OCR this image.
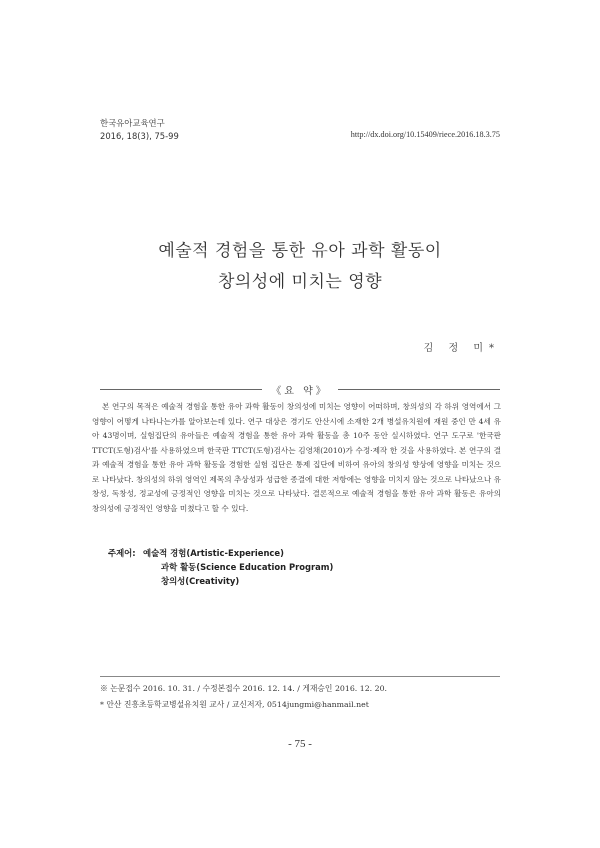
한국유아교육연구
2016, 18(3), 75-99	http://dx.doi.org/10.15409/riece.2016.18.3.75
예술적 경험을 통한 유아 과학 활동이
창의성에 미치는 영향
김 정 미*
《요 약》
본 연구의 목적은 예술적 경험을 통한 유아 과학 활동이 창의성에 미치는 영향이 어떠하며, 창의성의 각 하위 영역에서 그 영향이 어떻게 나타나는가를 알아보는데 있다. 연구 대상은 경기도 안산시에 소재한 2개 병설유치원에 재원 중인 만 4세 유아 43명이며, 실험집단의 유아들은 예술적 경험을 통한 유아 과학 활동을 총 10주 동안 실시하였다. 연구 도구로 '한국판 TTCT(도형)검사'를 사용하였으며 한국판 TTCT(도형)검사는 김영채(2010)가 수정·제작 한 것을 사용하였다. 본 연구의 결과 예술적 경험을 통한 유아 과학 활동을 경험한 실험 집단은 통제 집단에 비하여 유아의 창의성 향상에 영향을 미치는 것으로 나타났다. 창의성의 하위 영역인 제목의 추상성과 성급한 종결에 대한 저항에는 영향을 미치지 않는 것으로 나타났으나 유창성, 독창성, 정교성에 긍정적인 영향을 미치는 것으로 나타났다. 결론적으로 예술적 경험을 통한 유아 과학 활동은 유아의 창의성에 긍정적인 영향을 미쳤다고 할 수 있다.
주제어: 예술적 경험(Artistic-Experience)
과학 활동(Science Education Program)
창의성(Creativity)
※ 논문접수 2016. 10. 31. / 수정본접수 2016. 12. 14. / 게재승인 2016. 12. 20.
* 안산 진흥초등학교병설유치원 교사 / 교신저자, 0514jungmi@hanmail.net
- 75 -
